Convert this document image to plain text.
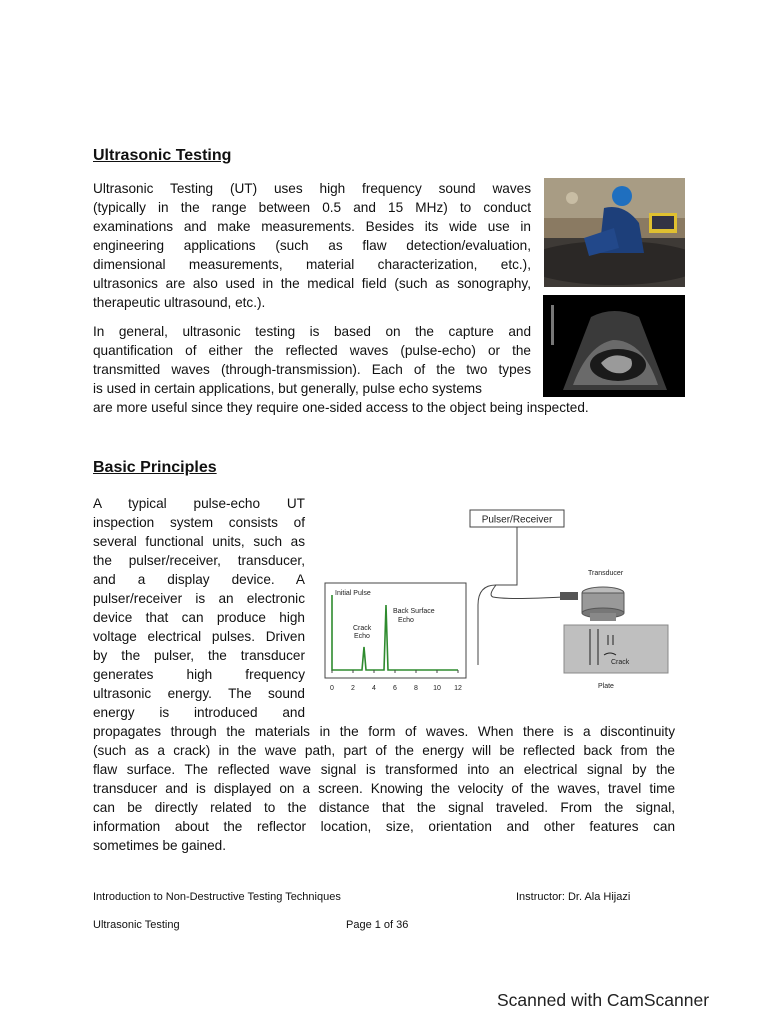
Ultrasonic Testing
Ultrasonic Testing (UT) uses high frequency sound waves
(typically in the range between 0.5 and 15 MHz) to conduct
examinations and make measurements. Besides its wide use in
engineering applications (such as flaw detection/evaluation,
dimensional measurements, material characterization, etc.),
ultrasonics are also used in the medical field (such as sonography,
therapeutic ultrasound, etc.).
In general, ultrasonic testing is based on the capture and
quantification of either the reflected waves (pulse-echo) or the
transmitted waves (through-transmission). Each of the two types
is used in certain applications, but generally, pulse echo systems
are more useful since they require one-sided access to the object being inspected.
Basic Principles
A typical pulse-echo UT
inspection system consists of
several functional units, such as
the pulser/receiver, transducer,
and a display device. A
pulser/receiver is an electronic
device that can produce high
voltage electrical pulses. Driven
by the pulser, the transducer
generates high frequency
ultrasonic energy. The sound
energy is introduced and
propagates through the materials in the form of waves. When there is a discontinuity
(such as a crack) in the wave path, part of the energy will be reflected back from the
flaw surface. The reflected wave signal is transformed into an electrical signal by the
transducer and is displayed on a screen. Knowing the velocity of the waves, travel time
can be directly related to the distance that the signal traveled. From the signal,
information about the reflector location, size, orientation and other features can
sometimes be gained.
Pulser/Receiver
Initial Pulse
Back Surface
Echo
Crack
Echo
0 2 4 6 8 10 12
Transducer
Crack
Plate
Introduction to Non-Destructive Testing Techniques	Instructor: Dr. Ala Hijazi
Ultrasonic Testing	Page 1 of 36
Scanned with CamScanner
